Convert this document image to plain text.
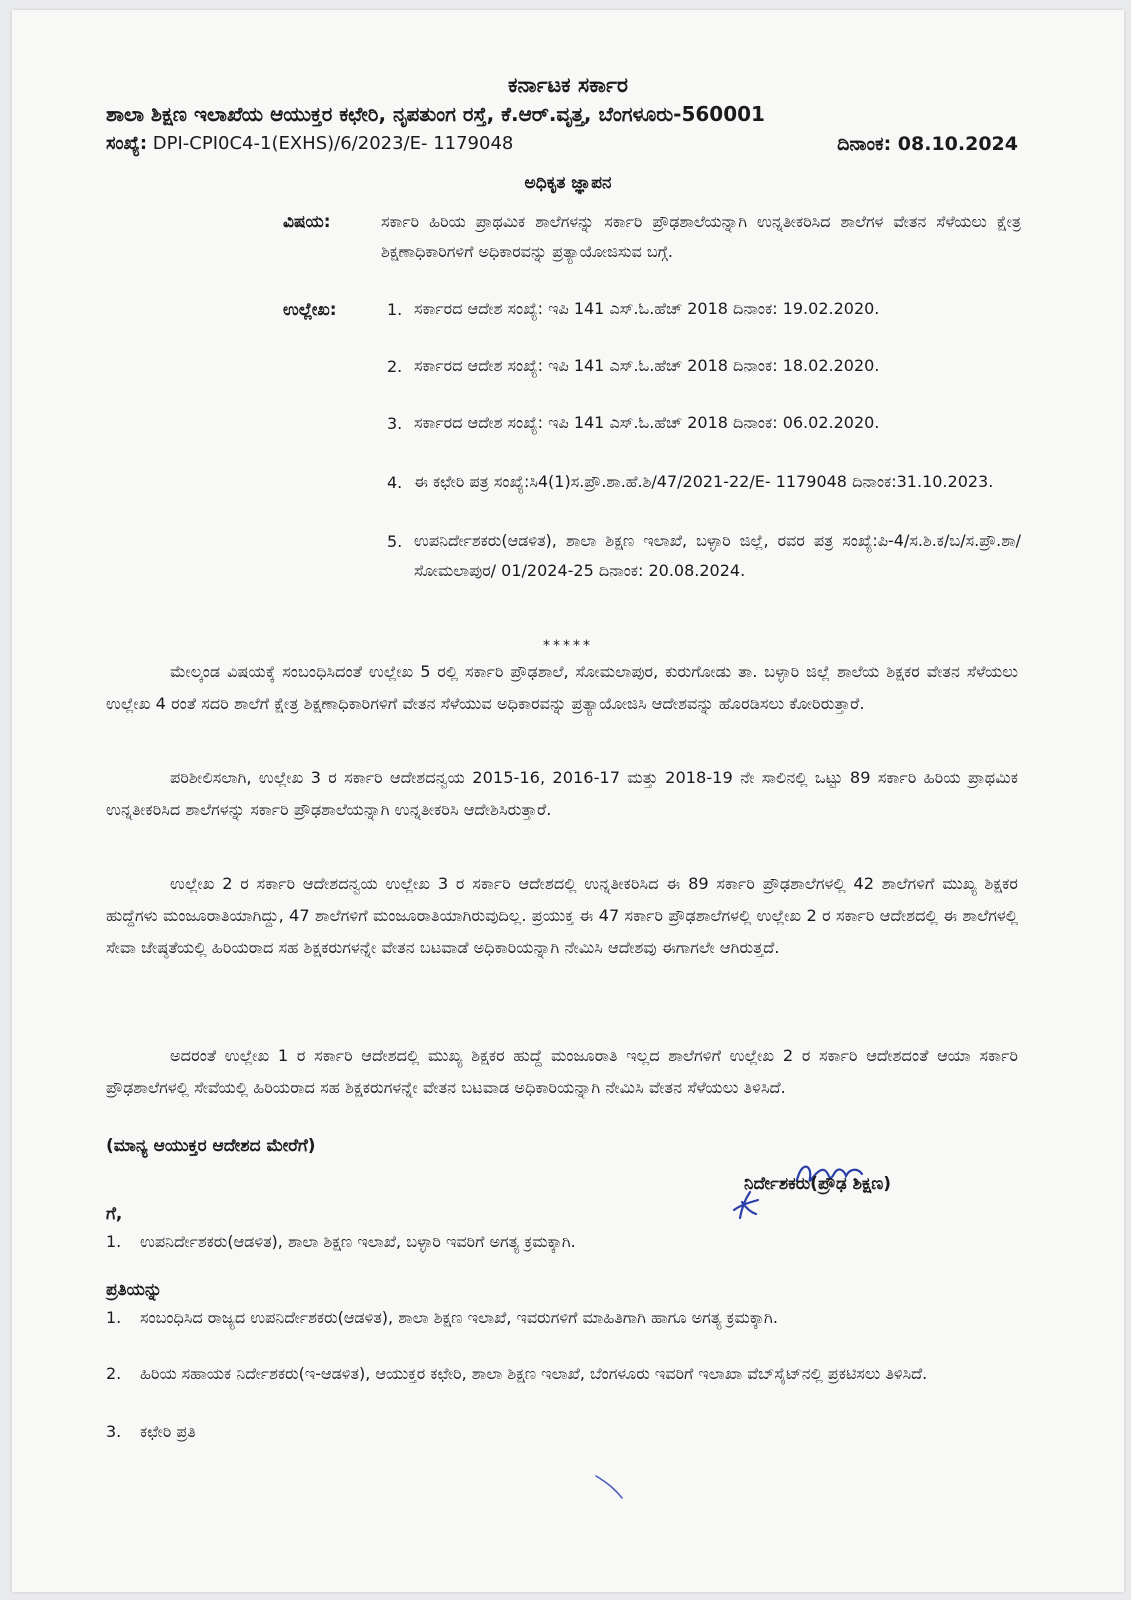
ಕರ್ನಾಟಕ ಸರ್ಕಾರ
ಶಾಲಾ ಶಿಕ್ಷಣ ಇಲಾಖೆಯ ಆಯುಕ್ತರ ಕಛೇರಿ, ನೃಪತುಂಗ ರಸ್ತೆ, ಕೆ.ಆರ್.ವೃತ್ತ, ಬೆಂಗಳೂರು-560001
ಸಂಖ್ಯೆ: DPI-CPI0C4-1(EXHS)/6/2023/E- 1179048	ದಿನಾಂಕ: 08.10.2024
ಅಧಿಕೃತ ಜ್ಞಾಪನ
ವಿಷಯ:	ಸರ್ಕಾರಿ ಹಿರಿಯ ಪ್ರಾಥಮಿಕ ಶಾಲೆಗಳನ್ನು ಸರ್ಕಾರಿ ಪ್ರೌಢಶಾಲೆಯನ್ನಾಗಿ ಉನ್ನತೀಕರಿಸಿದ ಶಾಲೆಗಳ ವೇತನ ಸೆಳೆಯಲು ಕ್ಷೇತ್ರ ಶಿಕ್ಷಣಾಧಿಕಾರಿಗಳಿಗೆ ಅಧಿಕಾರವನ್ನು ಪ್ರತ್ಯಾಯೋಜಿಸುವ ಬಗ್ಗೆ.
ಉಲ್ಲೇಖ:	1. ಸರ್ಕಾರದ ಆದೇಶ ಸಂಖ್ಯೆ: ಇಪಿ 141 ಎಸ್.ಓ.ಹೆಚ್ 2018 ದಿನಾಂಕ: 19.02.2020.
2. ಸರ್ಕಾರದ ಆದೇಶ ಸಂಖ್ಯೆ: ಇಪಿ 141 ಎಸ್.ಓ.ಹೆಚ್ 2018 ದಿನಾಂಕ: 18.02.2020.
3. ಸರ್ಕಾರದ ಆದೇಶ ಸಂಖ್ಯೆ: ಇಪಿ 141 ಎಸ್.ಓ.ಹೆಚ್ 2018 ದಿನಾಂಕ: 06.02.2020.
4. ಈ ಕಛೇರಿ ಪತ್ರ ಸಂಖ್ಯೆ:ಸಿ4(1)ಸ.ಪ್ರೌ.ಶಾ.ಹೆ.ಶಿ/47/2021-22/E- 1179048 ದಿನಾಂಕ:31.10.2023.
5. ಉಪನಿರ್ದೇಶಕರು(ಆಡಳಿತ), ಶಾಲಾ ಶಿಕ್ಷಣ ಇಲಾಖೆ, ಬಳ್ಳಾರಿ ಜಿಲ್ಲೆ, ರವರ ಪತ್ರ ಸಂಖ್ಯೆ:ಪಿ-4/ಸ.ಶಿ.ಕ/ಬ/ಸ.ಪ್ರೌ.ಶಾ/ಸೋಮಲಾಪುರ/ 01/2024-25 ದಿನಾಂಕ: 20.08.2024.
*****
ಮೇಲ್ಕಂಡ ವಿಷಯಕ್ಕೆ ಸಂಬಂಧಿಸಿದಂತೆ ಉಲ್ಲೇಖ 5 ರಲ್ಲಿ ಸರ್ಕಾರಿ ಪ್ರೌಢಶಾಲೆ, ಸೋಮಲಾಪುರ, ಕುರುಗೋಡು ತಾ. ಬಳ್ಳಾರಿ ಜಿಲ್ಲೆ ಶಾಲೆಯ ಶಿಕ್ಷಕರ ವೇತನ ಸೆಳೆಯಲು ಉಲ್ಲೇಖ 4 ರಂತೆ ಸದರಿ ಶಾಲೆಗೆ ಕ್ಷೇತ್ರ ಶಿಕ್ಷಣಾಧಿಕಾರಿಗಳಿಗೆ ವೇತನ ಸೆಳೆಯುವ ಅಧಿಕಾರವನ್ನು ಪ್ರತ್ಯಾಯೋಜಿಸಿ ಆದೇಶವನ್ನು ಹೊರಡಿಸಲು ಕೋರಿರುತ್ತಾರೆ.
ಪರಿಶೀಲಿಸಲಾಗಿ, ಉಲ್ಲೇಖ 3 ರ ಸರ್ಕಾರಿ ಆದೇಶದನ್ವಯ 2015-16, 2016-17 ಮತ್ತು 2018-19 ನೇ ಸಾಲಿನಲ್ಲಿ ಒಟ್ಟು 89 ಸರ್ಕಾರಿ ಹಿರಿಯ ಪ್ರಾಥಮಿಕ ಉನ್ನತೀಕರಿಸಿದ ಶಾಲೆಗಳನ್ನು ಸರ್ಕಾರಿ ಪ್ರೌಢಶಾಲೆಯನ್ನಾಗಿ ಉನ್ನತೀಕರಿಸಿ ಆದೇಶಿಸಿರುತ್ತಾರೆ.
ಉಲ್ಲೇಖ 2 ರ ಸರ್ಕಾರಿ ಆದೇಶದನ್ವಯ ಉಲ್ಲೇಖ 3 ರ ಸರ್ಕಾರಿ ಆದೇಶದಲ್ಲಿ ಉನ್ನತೀಕರಿಸಿದ ಈ 89 ಸರ್ಕಾರಿ ಪ್ರೌಢಶಾಲೆಗಳಲ್ಲಿ 42 ಶಾಲೆಗಳಿಗೆ ಮುಖ್ಯ ಶಿಕ್ಷಕರ ಹುದ್ದೆಗಳು ಮಂಜೂರಾತಿಯಾಗಿದ್ದು, 47 ಶಾಲೆಗಳಿಗೆ ಮಂಜೂರಾತಿಯಾಗಿರುವುದಿಲ್ಲ. ಪ್ರಯುಕ್ತ ಈ 47 ಸರ್ಕಾರಿ ಪ್ರೌಢಶಾಲೆಗಳಲ್ಲಿ ಉಲ್ಲೇಖ 2 ರ ಸರ್ಕಾರಿ ಆದೇಶದಲ್ಲಿ ಈ ಶಾಲೆಗಳಲ್ಲಿ ಸೇವಾ ಜೇಷ್ಠತೆಯಲ್ಲಿ ಹಿರಿಯರಾದ ಸಹ ಶಿಕ್ಷಕರುಗಳನ್ನೇ ವೇತನ ಬಟವಾಡೆ ಅಧಿಕಾರಿಯನ್ನಾಗಿ ನೇಮಿಸಿ ಆದೇಶವು ಈಗಾಗಲೇ ಆಗಿರುತ್ತದೆ.
ಅದರಂತೆ ಉಲ್ಲೇಖ 1 ರ ಸರ್ಕಾರಿ ಆದೇಶದಲ್ಲಿ ಮುಖ್ಯ ಶಿಕ್ಷಕರ ಹುದ್ದೆ ಮಂಜೂರಾತಿ ಇಲ್ಲದ ಶಾಲೆಗಳಿಗೆ ಉಲ್ಲೇಖ 2 ರ ಸರ್ಕಾರಿ ಆದೇಶದಂತೆ ಆಯಾ ಸರ್ಕಾರಿ ಪ್ರೌಢಶಾಲೆಗಳಲ್ಲಿ ಸೇವೆಯಲ್ಲಿ ಹಿರಿಯರಾದ ಸಹ ಶಿಕ್ಷಕರುಗಳನ್ನೇ ವೇತನ ಬಟವಾಡ ಅಧಿಕಾರಿಯನ್ನಾಗಿ ನೇಮಿಸಿ ವೇತನ ಸೆಳೆಯಲು ತಿಳಿಸಿದೆ.
(ಮಾನ್ಯ ಆಯುಕ್ತರ ಆದೇಶದ ಮೇರೆಗೆ)
ನಿರ್ದೇಶಕರು(ಪ್ರೌಢ ಶಿಕ್ಷಣ)
ಗೆ,
1. ಉಪನಿರ್ದೇಶಕರು(ಆಡಳಿತ), ಶಾಲಾ ಶಿಕ್ಷಣ ಇಲಾಖೆ, ಬಳ್ಳಾರಿ ಇವರಿಗೆ ಅಗತ್ಯ ಕ್ರಮಕ್ಕಾಗಿ.
ಪ್ರತಿಯನ್ನು
1. ಸಂಬಂಧಿಸಿದ ರಾಜ್ಯದ ಉಪನಿರ್ದೇಶಕರು(ಆಡಳಿತ), ಶಾಲಾ ಶಿಕ್ಷಣ ಇಲಾಖೆ, ಇವರುಗಳಿಗೆ ಮಾಹಿತಿಗಾಗಿ ಹಾಗೂ ಅಗತ್ಯ ಕ್ರಮಕ್ಕಾಗಿ.
2. ಹಿರಿಯ ಸಹಾಯಕ ನಿರ್ದೇಶಕರು(ಇ-ಆಡಳಿತ), ಆಯುಕ್ತರ ಕಛೇರಿ, ಶಾಲಾ ಶಿಕ್ಷಣ ಇಲಾಖೆ, ಬೆಂಗಳೂರು ಇವರಿಗೆ ಇಲಾಖಾ ವೆಬ್‌ಸೈಟ್‌ನಲ್ಲಿ ಪ್ರಕಟಿಸಲು ತಿಳಿಸಿದೆ.
3. ಕಛೇರಿ ಪ್ರತಿ
